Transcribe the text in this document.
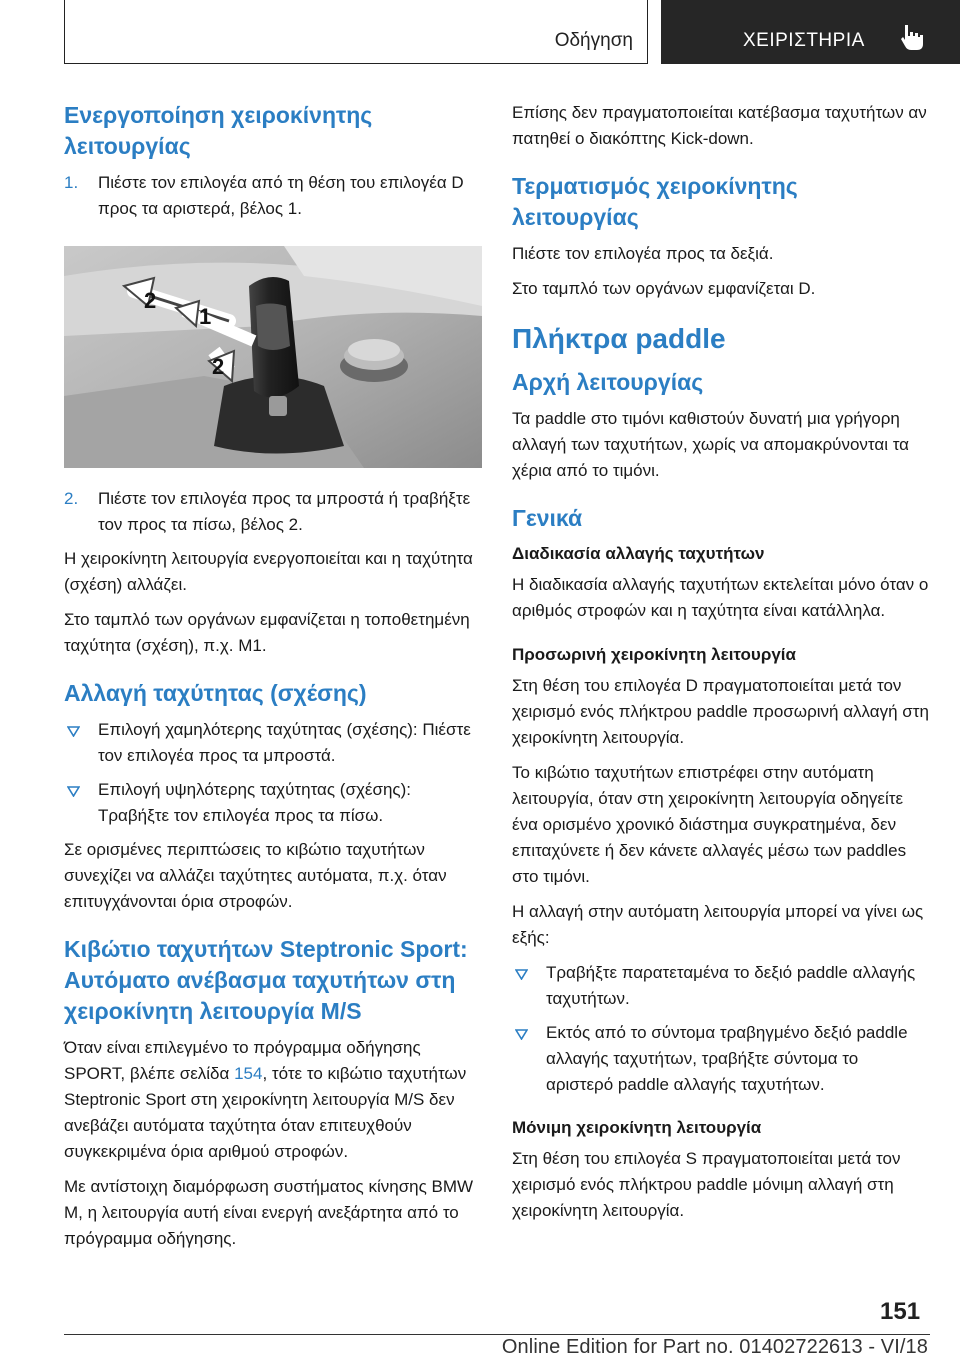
Οδήγηση	ΧΕΙΡΙΣΤΗΡΙΑ
Ενεργοποίηση χειροκίνητης λειτουργίας
1. Πιέστε τον επιλογέα από τη θέση του επιλογέα D προς τα αριστερά, βέλος 1.
2
1
2
2. Πιέστε τον επιλογέα προς τα μπροστά ή τραβήξτε τον προς τα πίσω, βέλος 2.

Η χειροκίνητη λειτουργία ενεργοποιείται και η ταχύτητα (σχέση) αλλάζει.

Στο ταμπλό των οργάνων εμφανίζεται η τοποθετημένη ταχύτητα (σχέση), π.χ. M1.

Αλλαγή ταχύτητας (σχέσης)
Επιλογή χαμηλότερης ταχύτητας (σχέσης): Πιέστε τον επιλογέα προς τα μπροστά.
Επιλογή υψηλότερης ταχύτητας (σχέσης): Τραβήξτε τον επιλογέα προς τα πίσω.

Σε ορισμένες περιπτώσεις το κιβώτιο ταχυτήτων συνεχίζει να αλλάζει ταχύτητες αυτόματα, π.χ. όταν επιτυγχάνονται όρια στροφών.

Κιβώτιο ταχυτήτων Steptronic Sport: Αυτόματο ανέβασμα ταχυτήτων στη χειροκίνητη λειτουργία M/S

Όταν είναι επιλεγμένο το πρόγραμμα οδήγησης SPORT, βλέπε σελίδα 154, τότε το κιβώτιο ταχυτήτων Steptronic Sport στη χειροκίνητη λειτουργία M/S δεν ανεβάζει αυτόματα ταχύτητα όταν επιτευχθούν συγκεκριμένα όρια αριθμού στροφών.

Με αντίστοιχη διαμόρφωση συστήματος κίνησης BMW M, η λειτουργία αυτή είναι ενεργή ανεξάρτητα από το πρόγραμμα οδήγησης.

Επίσης δεν πραγματοποιείται κατέβασμα ταχυτήτων αν πατηθεί ο διακόπτης Kick-down.

Τερματισμός χειροκίνητης λειτουργίας

Πιέστε τον επιλογέα προς τα δεξιά.

Στο ταμπλό των οργάνων εμφανίζεται D.

Πλήκτρα paddle
Αρχή λειτουργίας

Τα paddle στο τιμόνι καθιστούν δυνατή μια γρήγορη αλλαγή των ταχυτήτων, χωρίς να απομακρύνονται τα χέρια από το τιμόνι.

Γενικά
Διαδικασία αλλαγής ταχυτήτων

Η διαδικασία αλλαγής ταχυτήτων εκτελείται μόνο όταν ο αριθμός στροφών και η ταχύτητα είναι κατάλληλα.

Προσωρινή χειροκίνητη λειτουργία

Στη θέση του επιλογέα D πραγματοποιείται μετά τον χειρισμό ενός πλήκτρου paddle προσωρινή αλλαγή στη χειροκίνητη λειτουργία.

Το κιβώτιο ταχυτήτων επιστρέφει στην αυτόματη λειτουργία, όταν στη χειροκίνητη λειτουργία οδηγείτε ένα ορισμένο χρονικό διάστημα συγκρατημένα, δεν επιταχύνετε ή δεν κάνετε αλλαγές μέσω των paddles στο τιμόνι.

Η αλλαγή στην αυτόματη λειτουργία μπορεί να γίνει ως εξής:

Τραβήξτε παρατεταμένα το δεξιό paddle αλλαγής ταχυτήτων.
Εκτός από το σύντομα τραβηγμένο δεξιό paddle αλλαγής ταχυτήτων, τραβήξτε σύντομα το αριστερό paddle αλλαγής ταχυτήτων.
Μόνιμη χειροκίνητη λειτουργία

Στη θέση του επιλογέα S πραγματοποιείται μετά τον χειρισμό ενός πλήκτρου paddle μόνιμη αλλαγή στη χειροκίνητη λειτουργία.

151
Online Edition for Part no. 01402722613 - VI/18
